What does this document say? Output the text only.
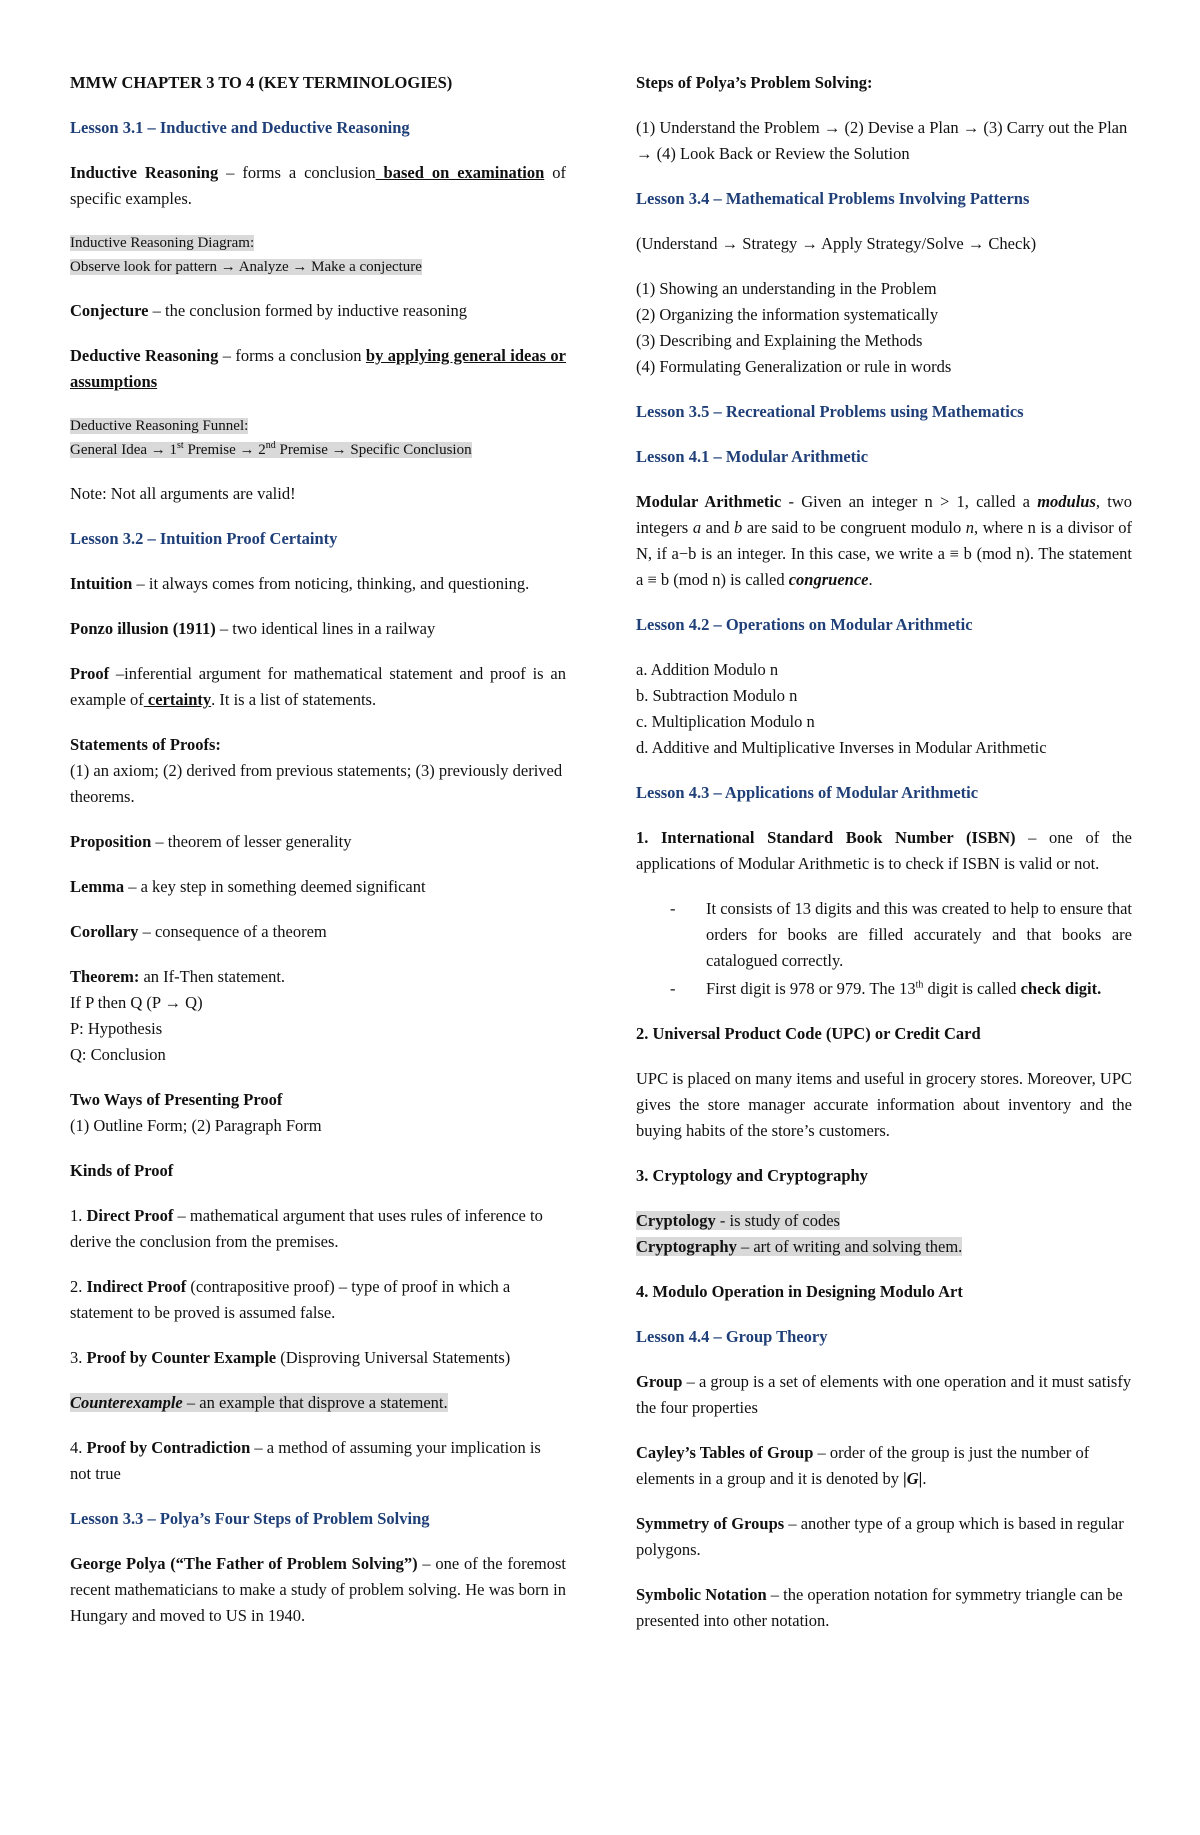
MMW CHAPTER 3 TO 4 (KEY TERMINOLOGIES)

Lesson 3.1 – Inductive and Deductive Reasoning

Inductive Reasoning – forms a conclusion based on examination of specific examples.

Inductive Reasoning Diagram:
Observe look for pattern → Analyze → Make a conjecture

Conjecture – the conclusion formed by inductive reasoning

Deductive Reasoning – forms a conclusion by applying general ideas or assumptions

Deductive Reasoning Funnel:
General Idea → 1st Premise → 2nd Premise → Specific Conclusion

Note: Not all arguments are valid!

Lesson 3.2 – Intuition Proof Certainty

Intuition – it always comes from noticing, thinking, and questioning.

Ponzo illusion (1911) – two identical lines in a railway

Proof –inferential argument for mathematical statement and proof is an example of certainty. It is a list of statements.

Statements of Proofs:
(1) an axiom; (2) derived from previous statements; (3) previously derived theorems.

Proposition – theorem of lesser generality

Lemma – a key step in something deemed significant

Corollary – consequence of a theorem

Theorem: an If-Then statement.
If P then Q (P → Q)
P: Hypothesis
Q: Conclusion

Two Ways of Presenting Proof
(1) Outline Form; (2) Paragraph Form

Kinds of Proof

1. Direct Proof – mathematical argument that uses rules of inference to derive the conclusion from the premises.

2. Indirect Proof (contrapositive proof) – type of proof in which a statement to be proved is assumed false.

3. Proof by Counter Example (Disproving Universal Statements)

Counterexample – an example that disprove a statement.

4. Proof by Contradiction – a method of assuming your implication is not true

Lesson 3.3 – Polya’s Four Steps of Problem Solving

George Polya (“The Father of Problem Solving”) – one of the foremost recent mathematicians to make a study of problem solving. He was born in Hungary and moved to US in 1940.

Steps of Polya’s Problem Solving:

(1) Understand the Problem → (2) Devise a Plan → (3) Carry out the Plan → (4) Look Back or Review the Solution

Lesson 3.4 – Mathematical Problems Involving Patterns

(Understand → Strategy → Apply Strategy/Solve → Check)

(1) Showing an understanding in the Problem
(2) Organizing the information systematically
(3) Describing and Explaining the Methods
(4) Formulating Generalization or rule in words

Lesson 3.5 – Recreational Problems using Mathematics

Lesson 4.1 – Modular Arithmetic

Modular Arithmetic - Given an integer n > 1, called a modulus, two integers a and b are said to be congruent modulo n, where n is a divisor of N, if a−b is an integer. In this case, we write a ≡ b (mod n). The statement a ≡ b (mod n) is called congruence.

Lesson 4.2 – Operations on Modular Arithmetic

a. Addition Modulo n
b. Subtraction Modulo n
c. Multiplication Modulo n
d. Additive and Multiplicative Inverses in Modular Arithmetic

Lesson 4.3 – Applications of Modular Arithmetic

1. International Standard Book Number (ISBN) – one of the applications of Modular Arithmetic is to check if ISBN is valid or not.

- It consists of 13 digits and this was created to help to ensure that orders for books are filled accurately and that books are catalogued correctly.
- First digit is 978 or 979. The 13th digit is called check digit.

2. Universal Product Code (UPC) or Credit Card

UPC is placed on many items and useful in grocery stores. Moreover, UPC gives the store manager accurate information about inventory and the buying habits of the store’s customers.

3. Cryptology and Cryptography

Cryptology - is study of codes
Cryptography – art of writing and solving them.

4. Modulo Operation in Designing Modulo Art

Lesson 4.4 – Group Theory

Group – a group is a set of elements with one operation and it must satisfy the four properties

Cayley’s Tables of Group – order of the group is just the number of elements in a group and it is denoted by |G|.

Symmetry of Groups – another type of a group which is based in regular polygons.

Symbolic Notation – the operation notation for symmetry triangle can be presented into other notation.
